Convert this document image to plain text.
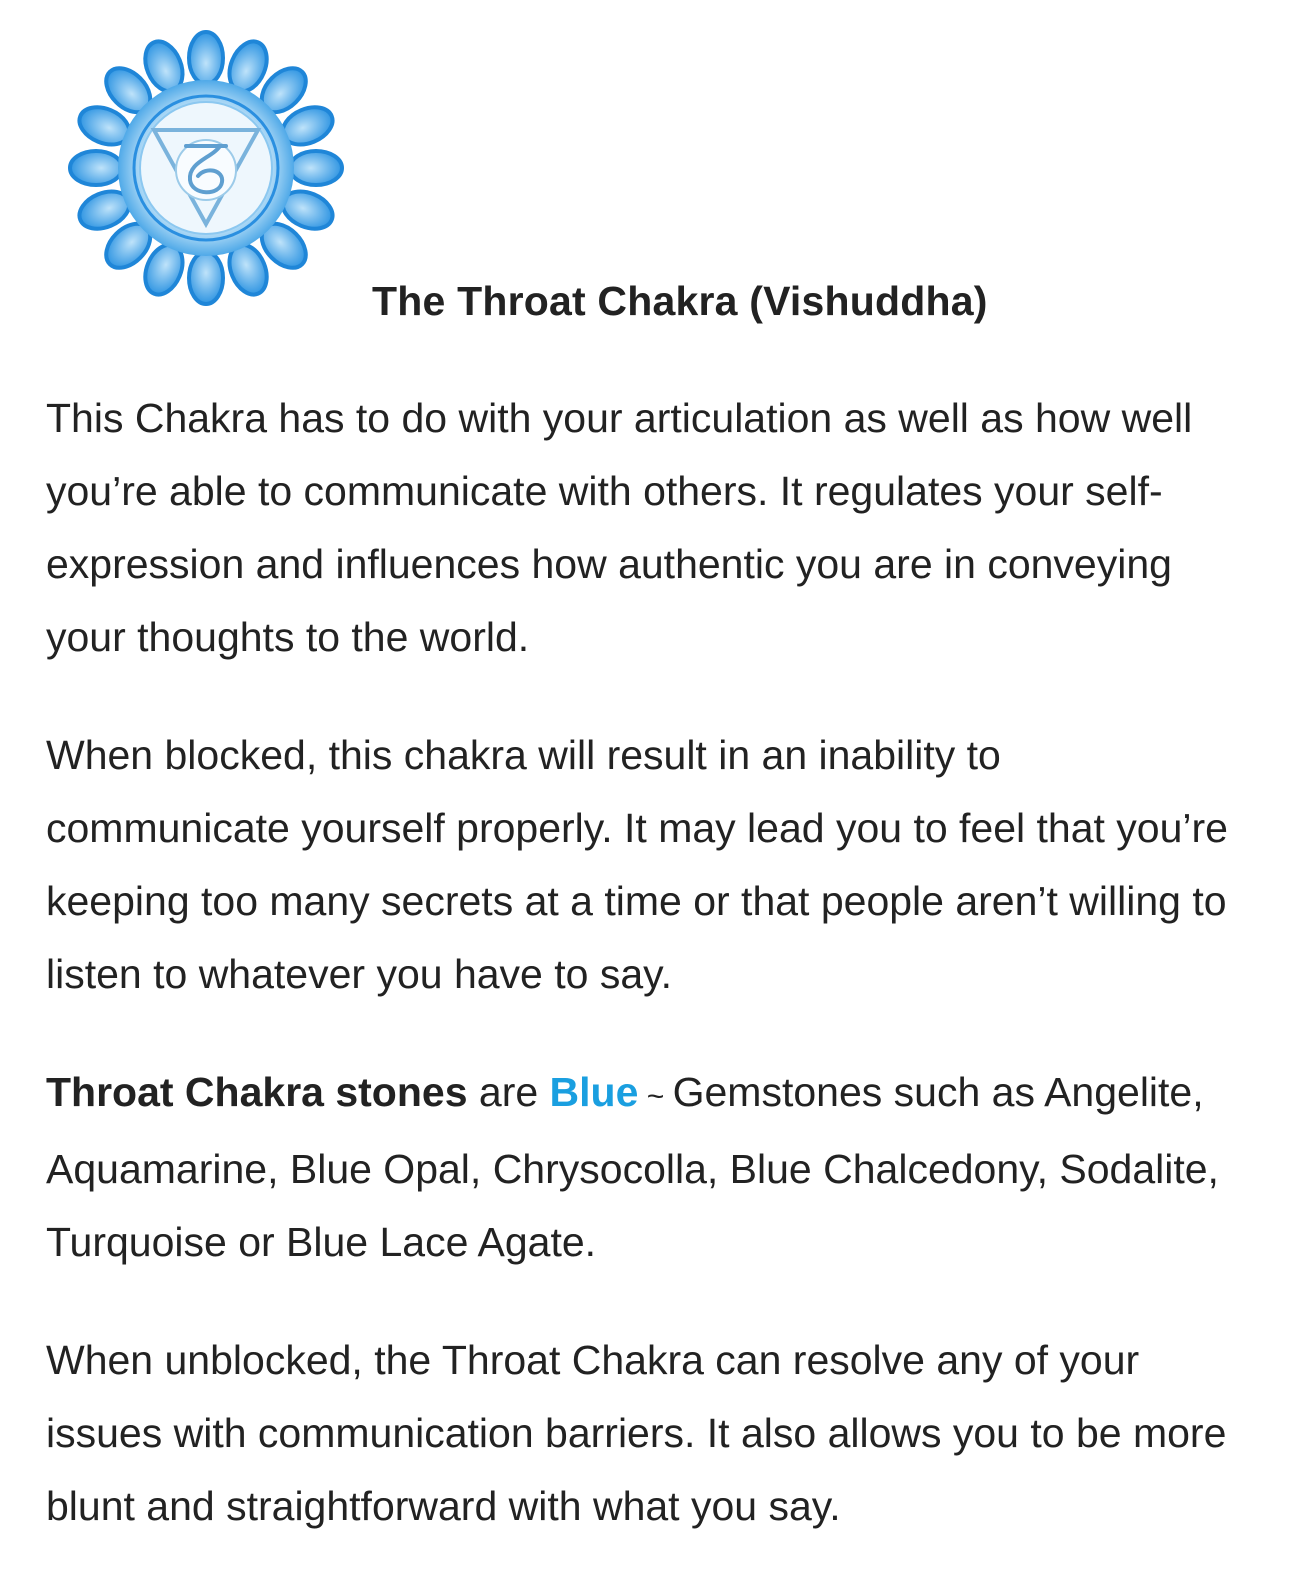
The Throat Chakra (Vishuddha)

This Chakra has to do with your articulation as well as how well you’re able to communicate with others. It regulates your self-expression and influences how authentic you are in conveying your thoughts to the world.

When blocked, this chakra will result in an inability to communicate yourself properly. It may lead you to feel that you’re keeping too many secrets at a time or that people aren’t willing to listen to whatever you have to say.

Throat Chakra stones are Blue ~ Gemstones such as Angelite, Aquamarine, Blue Opal, Chrysocolla, Blue Chalcedony, Sodalite, Turquoise or Blue Lace Agate.

When unblocked, the Throat Chakra can resolve any of your issues with communication barriers. It also allows you to be more blunt and straightforward with what you say.
